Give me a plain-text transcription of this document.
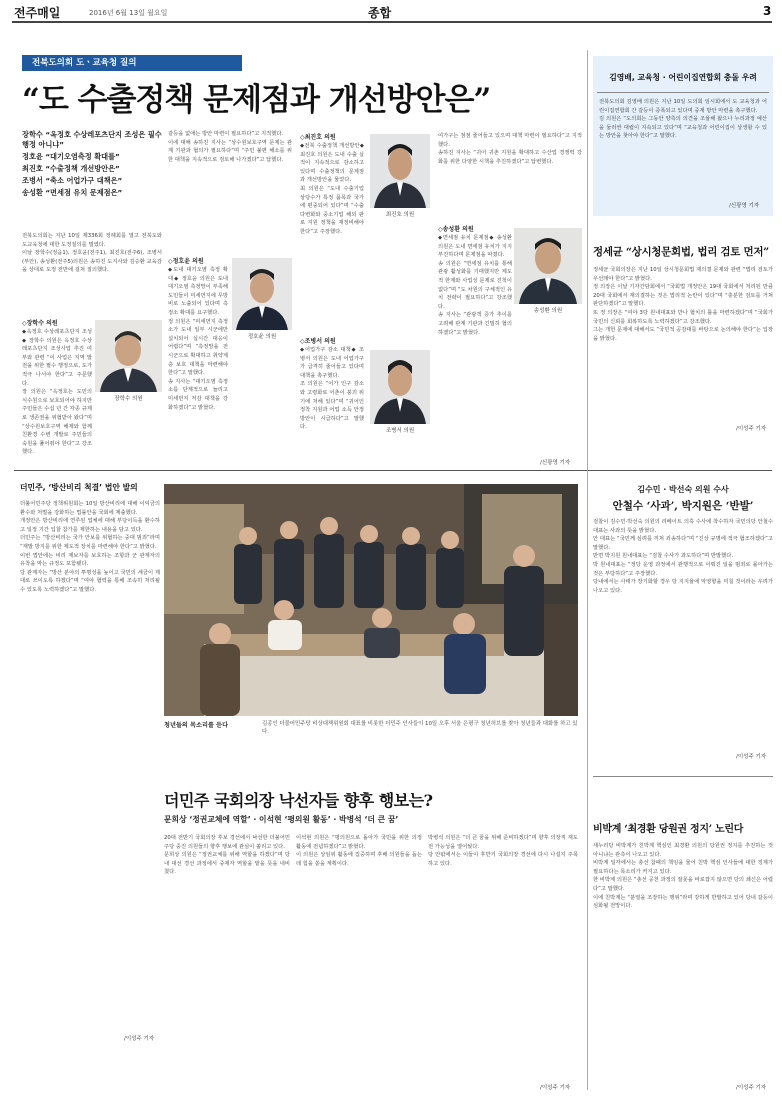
전주매일	2016년 6월 13일 월요일	종합	3
전북도의회 도ㆍ교육청 질의
“도 수출정책 문제점과 개선방안은”
장학수 “옥정호 수상레포츠단지 조성은 필수행정 아니냐”
정호윤 “대기오염측정 확대를”
최진호 “수출정책 개선방안은”
조병서 “축소 어업가구 대책은”
송성환 “면세점 유치 문제점은”
전북도의회는 지난 10일 제336회 정례회를 열고 전북도와 도교육청에 대한 도정질의를 벌였다.
이날 장학수(정읍1), 정호윤(전주1), 최진호(전주6), 조병서(부안), 송성환(전주5)의원은 송하진 도지사와 김승환 교육감을 상대로 도정 전반에 걸쳐 질의했다.
◇장학수 의원
◆옥정호 수상레포츠단지 조성◆ 장학수 의원은 옥정호 수상레포츠단지 조성사업 추진 여부와 관련 “이 사업은 지역 발전을 위한 필수 행정으로, 도가 적극 나서야 한다”고 주문했다.
장 의원은 “옥정호는 도민의 식수원으로 보호되어야 하지만 주민들은 수십 년 간 각종 규제로 생존권을 위협받아 왔다”며 “상수원보호구역 해제와 함께 친환경 수변 개발로 주민들의 숙원을 풀어줘야 한다”고 강조했다.
장학수 의원
갈등을 없애는 방안 마련이 필요하다”고 지적했다.
이에 대해 송하진 지사는 “상수원보호구역 문제는 관계 기관과 협의가 필요하다”며 “주민 불편 해소를 위한 대책을 지속적으로 검토해 나가겠다”고 답했다.
◇정호윤 의원
◆도내 대기오염 측정 확대◆ 정호윤 의원은 도내 대기오염 측정망이 부족해 도민들이 미세먼지에 무방비로 노출되어 있다며 측정소 확대를 요구했다.
정 의원은 “미세먼지 측정소가 도내 일부 시군에만 설치되어 실시간 대응이 어렵다”며 “측정망을 전 시군으로 확대하고 취약계층 보호 대책을 마련해야 한다”고 말했다.
송 지사는 “대기오염 측정소를 단계적으로 늘리고 미세먼지 저감 대책을 강화하겠다”고 밝혔다.
정호윤 의원
◇최진호 의원
◆전북 수출정책 개선방안◆ 최진호 의원은 도내 수출 실적이 지속적으로 감소하고 있다며 수출정책의 문제점과 개선방안을 물었다.
최 의원은 “도내 수출기업 상당수가 특정 품목과 국가에 편중되어 있다”며 “수출 다변화와 중소기업 해외 판로 지원 정책을 재정비해야 한다”고 주장했다.
최진호 의원
◇조병서 의원
◆어업가구 감소 대책◆ 조병서 의원은 도내 어업가구가 급격히 줄어들고 있다며 대책을 촉구했다.
조 의원은 “어가 인구 감소와 고령화로 어촌이 붕괴 위기에 처해 있다”며 “귀어인 정착 지원과 어업 소득 안정 방안이 시급하다”고 말했다.
조병서 의원
여가구는 점점 줄어들고 있으며 대책 마련이 필요하다”고 지적했다.
송하진 지사는 “귀어 귀촌 지원을 확대하고 수산업 경쟁력 강화를 위한 다양한 시책을 추진하겠다”고 답변했다.
◇송성환 의원
◆면세점 유치 문제점◆ 송성환 의원은 도내 면세점 유치가 지지부진하다며 문제점을 따졌다.
송 의원은 “면세점 유치를 통해 관광 활성화를 기대했지만 제도적 한계와 사업성 문제로 진척이 없다”며 “도 차원의 구체적인 유치 전략이 필요하다”고 강조했다.
송 지사는 “관광객 증가 추이를 고려해 관계 기관과 긴밀히 협의하겠다”고 밝혔다.
송성환 의원
/신광영 기자
김영배, 교육청 · 어린이집연합회 충돌 우려
전북도의회 김영배 의원은 지난 10일 도의회 임시회에서 도 교육청과 어린이집연합회 간 갈등이 증폭되고 있다며 중재 방안 마련을 촉구했다.
김 의원은 “도의회는 그동안 양측의 의견을 조율해 왔으나 누리과정 예산을 둘러싼 대립이 지속되고 있다”며 “교육청과 어린이집이 상생할 수 있는 방안을 찾아야 한다”고 말했다.
/신광영 기자
정세균 “상시청문회법, 법리 검토 먼저”
정세균 국회의장은 지난 10일 상시청문회법 재의결 문제와 관련 “법리 검토가 우선돼야 한다”고 밝혔다.
정 의장은 이날 기자간담회에서 “국회법 개정안은 19대 국회에서 처리된 만큼 20대 국회에서 재의결하는 것은 법리적 논란이 있다”며 “충분한 검토를 거쳐 판단하겠다”고 말했다.
또 정 의장은 “여야 3당 원내대표와 만나 협치의 틀을 마련하겠다”며 “국회가 국민의 신뢰를 회복하도록 노력하겠다”고 강조했다.
그는 개헌 문제에 대해서도 “국민적 공감대를 바탕으로 논의해야 한다”는 입장을 밝혔다.
/이성주 기자
더민주, ‘방산비리 척결’ 법안 발의
더불어민주당 정책위원회는 10일 방산비리에 대해 이익금의 환수와 처벌을 강화하는 법률안을 국회에 제출했다.
개정안은 방산비리에 연루된 업체에 대해 부당이득을 환수하고 일정 기간 입찰 참가를 제한하는 내용을 담고 있다.
더민주는 “방산비리는 국가 안보를 위협하는 중대 범죄”라며 “재발 방지를 위한 제도적 장치를 마련해야 한다”고 밝혔다.
이번 법안에는 비리 제보자를 보호하는 조항과 군 관계자의 유착을 막는 규정도 포함됐다.
당 관계자는 “방산 분야의 투명성을 높이고 국민의 세금이 제대로 쓰이도록 하겠다”며 “여야 협력을 통해 조속히 처리될 수 있도록 노력하겠다”고 말했다.
/이성주 기자
청년들의 목소리를 듣다	김종인 더불어민주당 비상대책위원회 대표를 비롯한 더민주 인사들이 10일 오후 서울 은평구 청년허브를 찾아 청년들과 대화를 하고 있다.
김수민 · 박선숙 의원 수사
안철수 ‘사과’, 박지원은 ‘반발’
검찰이 김수민·박선숙 의원의 리베이트 의혹 수사에 착수하자 국민의당 안철수 대표는 사과의 뜻을 밝혔다.
안 대표는 “국민께 심려를 끼쳐 죄송하다”며 “진상 규명에 적극 협조하겠다”고 말했다.
반면 박지원 원내대표는 “검찰 수사가 과도하다”며 반발했다.
박 원내대표는 “정당 운영 과정에서 관행적으로 이뤄진 일을 범죄로 몰아가는 것은 부당하다”고 주장했다.
당내에서는 사태가 장기화할 경우 당 지지율에 악영향을 미칠 것이라는 우려가 나오고 있다.
/이성주 기자
더민주 국회의장 낙선자들 향후 행보는?
문희상 ‘정권교체에 역할’ · 이석현 ‘평의원 활동’ · 박병석 ‘더 큰 꿈’
20대 전반기 국회의장 후보 경선에서 낙선한 더불어민주당 중진 의원들의 향후 행보에 관심이 쏠리고 있다.
문희상 의원은 “정권교체를 위해 역할을 하겠다”며 당내 대선 경선 과정에서 중재자 역할을 맡을 뜻을 내비쳤다.
이석현 의원은 “평의원으로 돌아가 국민을 위한 의정 활동에 전념하겠다”고 밝혔다.
이 의원은 상임위 활동에 집중하며 후배 의원들을 돕는 데 힘을 쏟을 계획이다.
박병석 의원은 “더 큰 꿈을 위해 준비하겠다”며 향후 의장직 재도전 가능성을 열어뒀다.
당 안팎에서는 이들이 후반기 국회의장 경선에 다시 나설지 주목하고 있다.
/이성주 기자
비박계 ‘최경환 당원권 정지’ 노린다
새누리당 비박계가 친박계 핵심인 최경환 의원의 당원권 정지를 추진하는 것 아니냐는 관측이 나오고 있다.
비박계 일각에서는 총선 참패의 책임을 물어 친박 핵심 인사들에 대한 징계가 필요하다는 목소리가 커지고 있다.
한 비박계 의원은 “총선 공천 과정의 잘못을 바로잡지 않으면 당의 쇄신은 어렵다”고 말했다.
이에 친박계는 “분열을 조장하는 행위”라며 강하게 반발하고 있어 당내 갈등이 심화될 전망이다.
/이성주 기자
